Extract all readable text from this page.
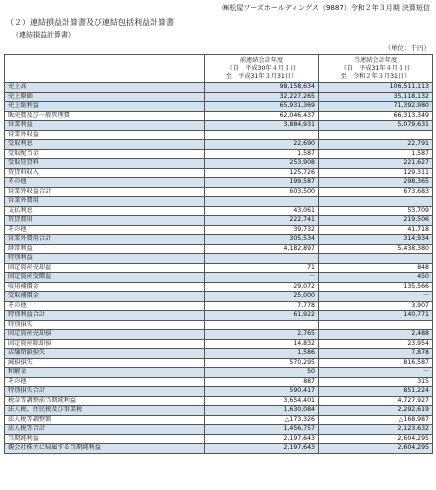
㈱松屋フーズホールディングス（9887）令和２年３月期 決算短信
（２）連結損益計算書及び連結包括利益計算書
（連結損益計算書）
（単位：千円）

	前連結会計年度
（自　平成30年４月１日
至　平成31年３月31日）	当連結会計年度
（自　平成31年４月１日
至　令和２年３月31日）

売上高	98,158,634	106,511,113
売上原価	32,227,265	35,118,132
売上総利益	65,931,369	71,392,980
販売費及び一般管理費	62,046,437	66,313,349
営業利益	3,884,931	5,079,631
営業外収益		
受取利息	22,690	22,791
受取配当金	1,587	1,587
受取賃貸料	253,908	221,627
賃貸料収入	125,726	129,311
その他	199,587	298,365
営業外収益合計	603,500	673,683
営業外費用		
支払利息	43,061	53,709
賃貸費用	222,741	219,506
その他	39,732	41,718
営業外費用合計	305,534	314,934
経常利益	4,182,897	5,438,380
特別利益		
固定資産売却益	71	848
固定資産受贈益	－	450
収用補償金	29,072	135,566
受取補償金	25,000	－
その他	7,778	3,907
特別利益合計	61,922	140,771
特別損失		
固定資産売却損	2,765	2,488
固定資産除却損	14,832	23,954
店舗閉鎖損失	1,586	7,878
減損損失	570,295	816,587
和解金	50	－
その他	887	315
特別損失合計	590,417	851,224
税金等調整前当期純利益	3,654,401	4,727,927
法人税、住民税及び事業税	1,630,084	2,292,619
法人税等調整額	△173,326	△168,987
法人税等合計	1,456,757	2,123,632
当期純利益	2,197,643	2,604,295
親会社株主に帰属する当期純利益	2,197,643	2,604,295
